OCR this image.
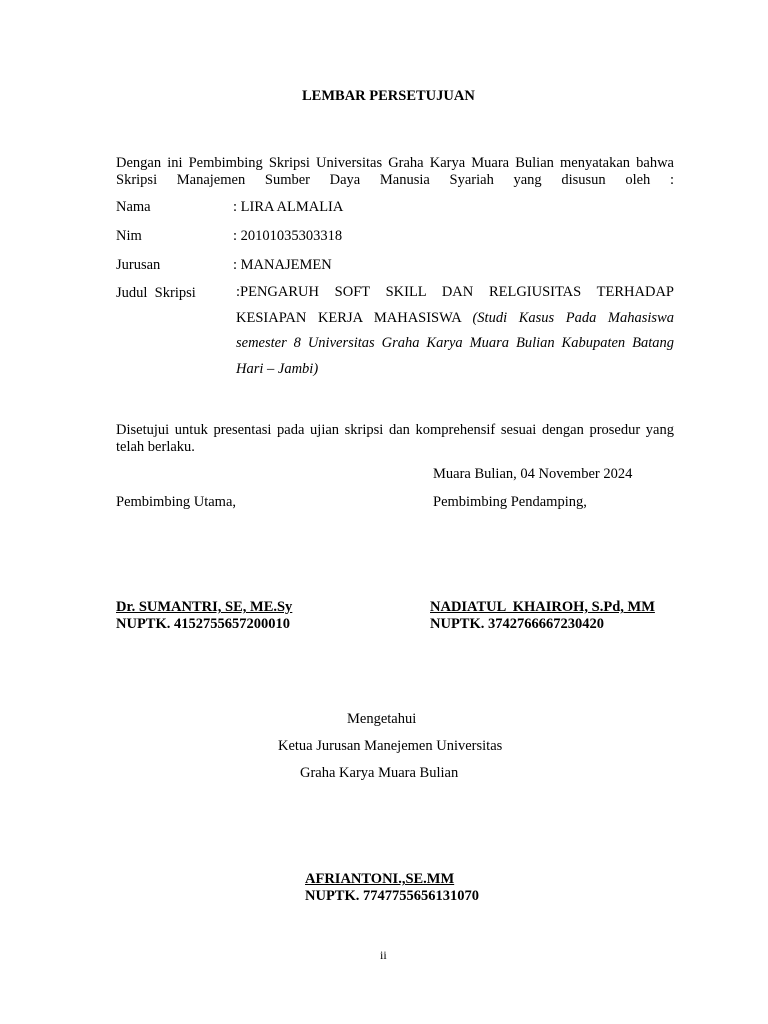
LEMBAR PERSETUJUAN
Dengan ini Pembimbing Skripsi Universitas Graha Karya Muara Bulian menyatakan bahwa Skripsi Manajemen Sumber Daya Manusia Syariah yang disusun oleh :
Nama	: LIRA ALMALIA
Nim	: 20101035303318
Jurusan	: MANAJEMEN
Judul  Skripsi	:PENGARUH SOFT SKILL DAN RELGIUSITAS TERHADAP
KESIAPAN KERJA MAHASISWA (Studi Kasus Pada Mahasiswa
semester 8 Universitas Graha Karya Muara Bulian Kabupaten Batang
Hari – Jambi)
Disetujui untuk presentasi pada ujian skripsi dan komprehensif sesuai dengan prosedur yang telah berlaku.
Muara Bulian, 04 November 2024
Pembimbing Utama,	Pembimbing Pendamping,
Dr. SUMANTRI, SE, ME.Sy
NUPTK. 4152755657200010
NADIATUL  KHAIROH, S.Pd, MM
NUPTK. 3742766667230420
Mengetahui
Ketua Jurusan Manejemen Universitas
Graha Karya Muara Bulian
AFRIANTONI.,SE.MM
NUPTK. 7747755656131070
ii
